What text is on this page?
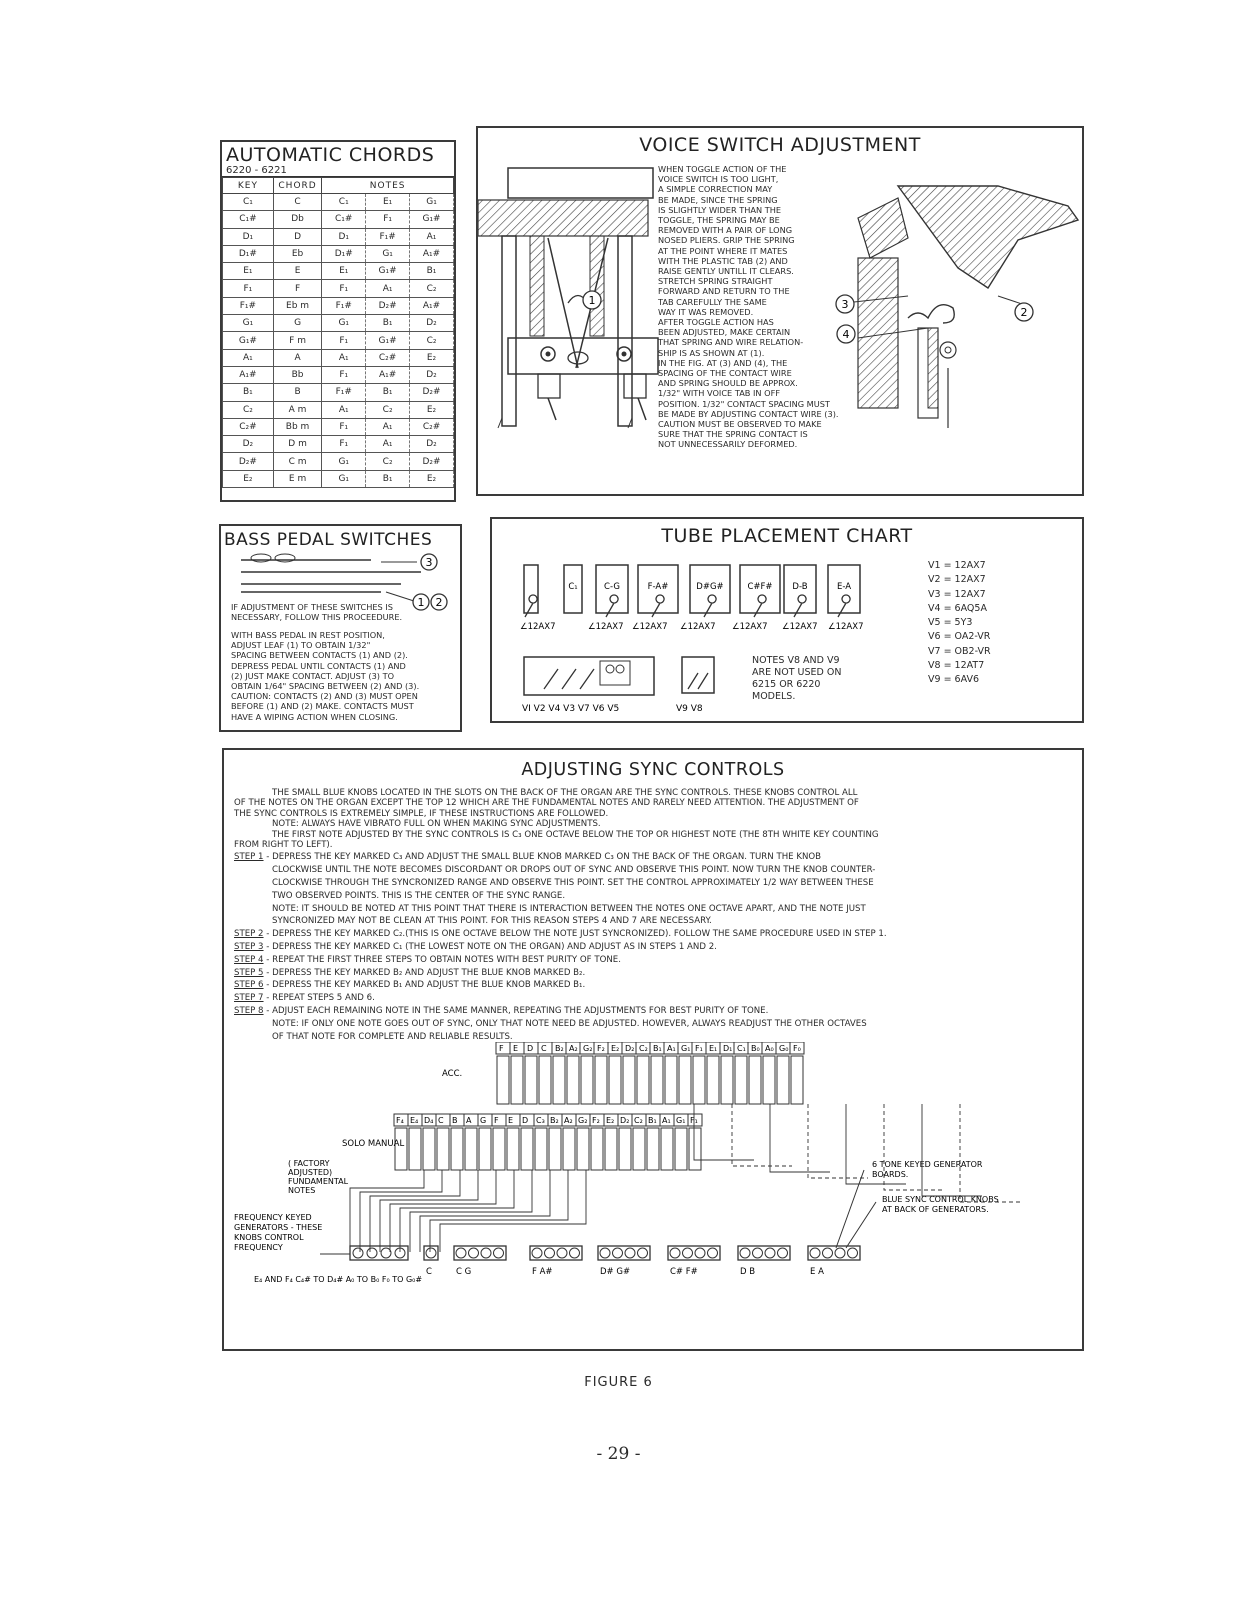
AUTOMATIC CHORDS
6220 - 6221
KEY	CHORD	NOTES		
C₁	C	C₁	E₁	G₁
C₁#	Db	C₁#	F₁	G₁#
D₁	D	D₁	F₁#	A₁
D₁#	Eb	D₁#	G₁	A₁#
E₁	E	E₁	G₁#	B₁
F₁	F	F₁	A₁	C₂
F₁#	Eb m	F₁#	D₂#	A₁#
G₁	G	G₁	B₁	D₂
G₁#	F m	F₁	G₁#	C₂
A₁	A	A₁	C₂#	E₂
A₁#	Bb	F₁	A₁#	D₂
B₁	B	F₁#	B₁	D₂#
C₂	A m	A₁	C₂	E₂
C₂#	Bb m	F₁	A₁	C₂#
D₂	D m	F₁	A₁	D₂
D₂#	C m	G₁	C₂	D₂#
E₂	E m	G₁	B₁	E₂
VOICE SWITCH ADJUSTMENT
1	3
4
2
WHEN TOGGLE ACTION OF THE
VOICE SWITCH IS TOO LIGHT,
A SIMPLE CORRECTION MAY
BE MADE, SINCE THE SPRING
IS SLIGHTLY WIDER THAN THE
TOGGLE, THE SPRING MAY BE
REMOVED WITH A PAIR OF LONG
NOSED PLIERS. GRIP THE SPRING
AT THE POINT WHERE IT MATES
WITH THE PLASTIC TAB (2) AND
RAISE GENTLY UNTILL IT CLEARS.
STRETCH SPRING STRAIGHT
FORWARD AND RETURN TO THE
TAB CAREFULLY THE SAME
WAY IT WAS REMOVED.
AFTER TOGGLE ACTION HAS
BEEN ADJUSTED, MAKE CERTAIN
THAT SPRING AND WIRE RELATION-
SHIP IS AS SHOWN AT (1).
IN THE FIG. AT (3) AND (4), THE
SPACING OF THE CONTACT WIRE
AND SPRING SHOULD BE APPROX.
1/32" WITH VOICE TAB IN OFF
POSITION. 1/32" CONTACT SPACING MUST
BE MADE BY ADJUSTING CONTACT WIRE (3).
CAUTION MUST BE OBSERVED TO MAKE
SURE THAT THE SPRING CONTACT IS
NOT UNNECESSARILY DEFORMED.
BASS PEDAL SWITCHES
3
1 2
IF ADJUSTMENT OF THESE SWITCHES IS
NECESSARY, FOLLOW THIS PROCEEDURE.
WITH BASS PEDAL IN REST POSITION,
ADJUST LEAF (1) TO OBTAIN 1/32"
SPACING BETWEEN CONTACTS (1) AND (2).
DEPRESS PEDAL UNTIL CONTACTS (1) AND
(2) JUST MAKE CONTACT. ADJUST (3) TO
OBTAIN 1/64" SPACING BETWEEN (2) AND (3).
CAUTION: CONTACTS (2) AND (3) MUST OPEN
BEFORE (1) AND (2) MAKE. CONTACTS MUST
HAVE A WIPING ACTION WHEN CLOSING.
TUBE PLACEMENT CHART
VI V2 V4 V3 V7 V6 V5	V9 V8
C₁	C-G	F-A#	D#G#	C#F# D-B	E-A
∠12AX7	∠12AX7 ∠12AX7 ∠12AX7 ∠12AX7 ∠12AX7 ∠12AX7
V1 = 12AX7
V2 = 12AX7
V3 = 12AX7
V4 = 6AQ5A
V5 = 5Y3
V6 = OA2-VR
V7 = OB2-VR
V8 = 12AT7
V9 = 6AV6
NOTES V8 AND V9
ARE NOT USED ON
6215 OR 6220
MODELS.
ADJUSTING SYNC CONTROLS
THE SMALL BLUE KNOBS LOCATED IN THE SLOTS ON THE BACK OF THE ORGAN ARE THE SYNC CONTROLS. THESE KNOBS CONTROL ALL
OF THE NOTES ON THE ORGAN EXCEPT THE TOP 12 WHICH ARE THE FUNDAMENTAL NOTES AND RARELY NEED ATTENTION. THE ADJUSTMENT OF
THE SYNC CONTROLS IS EXTREMELY SIMPLE, IF THESE INSTRUCTIONS ARE FOLLOWED.
NOTE: ALWAYS HAVE VIBRATO FULL ON WHEN MAKING SYNC ADJUSTMENTS.
THE FIRST NOTE ADJUSTED BY THE SYNC CONTROLS IS C₃ ONE OCTAVE BELOW THE TOP OR HIGHEST NOTE (THE 8TH WHITE KEY COUNTING
FROM RIGHT TO LEFT).
STEP 1 - DEPRESS THE KEY MARKED C₃ AND ADJUST THE SMALL BLUE KNOB MARKED C₃ ON THE BACK OF THE ORGAN. TURN THE KNOB
CLOCKWISE UNTIL THE NOTE BECOMES DISCORDANT OR DROPS OUT OF SYNC AND OBSERVE THIS POINT. NOW TURN THE KNOB COUNTER-
CLOCKWISE THROUGH THE SYNCRONIZED RANGE AND OBSERVE THIS POINT. SET THE CONTROL APPROXIMATELY 1/2 WAY BETWEEN THESE
TWO OBSERVED POINTS. THIS IS THE CENTER OF THE SYNC RANGE.
NOTE: IT SHOULD BE NOTED AT THIS POINT THAT THERE IS INTERACTION BETWEEN THE NOTES ONE OCTAVE APART, AND THE NOTE JUST
SYNCRONIZED MAY NOT BE CLEAN AT THIS POINT. FOR THIS REASON STEPS 4 AND 7 ARE NECESSARY.
STEP 2 - DEPRESS THE KEY MARKED C₂.(THIS IS ONE OCTAVE BELOW THE NOTE JUST SYNCRONIZED). FOLLOW THE SAME PROCEDURE USED IN STEP 1.
STEP 3 - DEPRESS THE KEY MARKED C₁ (THE LOWEST NOTE ON THE ORGAN) AND ADJUST AS IN STEPS 1 AND 2.
STEP 4 - REPEAT THE FIRST THREE STEPS TO OBTAIN NOTES WITH BEST PURITY OF TONE.
STEP 5 - DEPRESS THE KEY MARKED B₂ AND ADJUST THE BLUE KNOB MARKED B₂.
STEP 6 - DEPRESS THE KEY MARKED B₁ AND ADJUST THE BLUE KNOB MARKED B₁.
STEP 7 - REPEAT STEPS 5 AND 6.
STEP 8 - ADJUST EACH REMAINING NOTE IN THE SAME MANNER, REPEATING THE ADJUSTMENTS FOR BEST PURITY OF TONE.
NOTE: IF ONLY ONE NOTE GOES OUT OF SYNC, ONLY THAT NOTE NEED BE ADJUSTED. HOWEVER, ALWAYS READJUST THE OTHER OCTAVES
OF THAT NOTE FOR COMPLETE AND RELIABLE RESULTS.
F E D C B₂ A₂ G₂ F₂ E₂ D₂ C₂ B₁ A₁ G₁ F₁ E₁ D₁ C₁ B₀ A₀ G₀ F₀
ACC.
F₄ E₄ D₄ C B A G F E D C₃ B₂ A₂ G₂ F₂ E₂ D₂ C₂ B₁ A₁ G₁ F₁
SOLO MANUAL
( FACTORY
ADJUSTED)
FUNDAMENTAL
NOTES
FREQUENCY KEYED
GENERATORS - THESE
KNOBS CONTROL
FREQUENCY
6 TONE KEYED GENERATOR
BOARDS.
BLUE SYNC CONTROL KNOBS
AT BACK OF GENERATORS.
C	C G	F A#	D# G#	C# F#	D B	E A
E₄ AND F₄ C₄# TO D₄# A₀ TO B₀ F₀ TO G₀#
FIGURE 6
- 29 -
